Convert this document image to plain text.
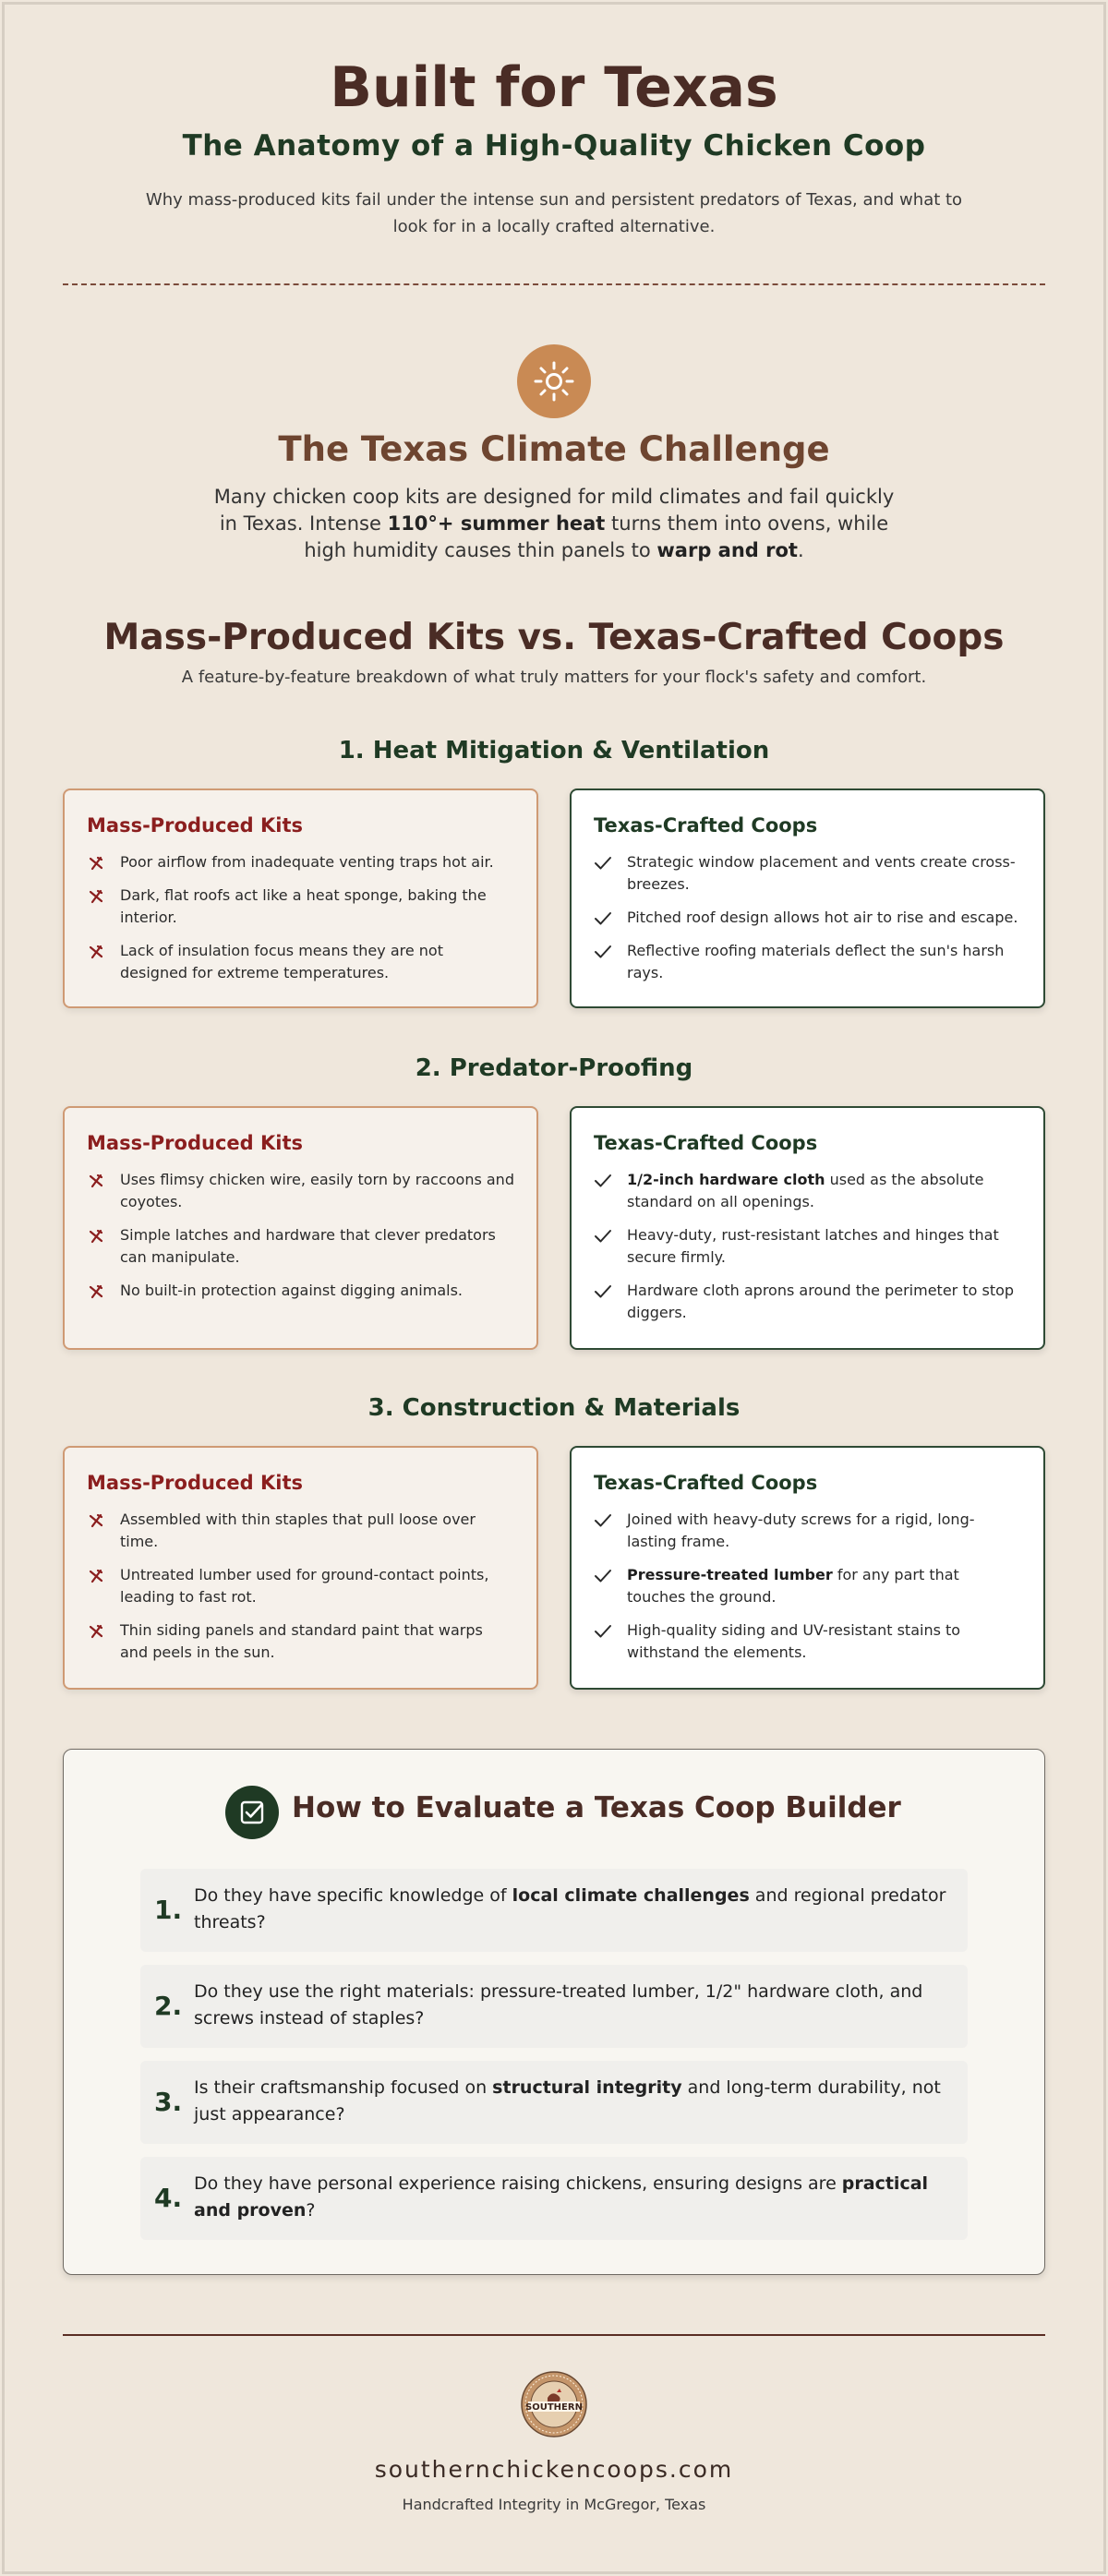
Built for Texas
The Anatomy of a High-Quality Chicken Coop

Why mass-produced kits fail under the intense sun and persistent predators of Texas, and what to look for in a locally crafted alternative.

The Texas Climate Challenge

Many chicken coop kits are designed for mild climates and fail quickly in Texas. Intense 110°+ summer heat turns them into ovens, while high humidity causes thin panels to warp and rot.

Mass-Produced Kits vs. Texas-Crafted Coops

A feature-by-feature breakdown of what truly matters for your flock's safety and comfort.

1. Heat Mitigation & Ventilation
Mass-Produced Kits
Poor airflow from inadequate venting traps hot air.
Dark, flat roofs act like a heat sponge, baking the interior.
Lack of insulation focus means they are not designed for extreme temperatures.
Texas-Crafted Coops
Strategic window placement and vents create cross-breezes.
Pitched roof design allows hot air to rise and escape.
Reflective roofing materials deflect the sun's harsh rays.
2. Predator-Proofing
Mass-Produced Kits
Uses flimsy chicken wire, easily torn by raccoons and coyotes.
Simple latches and hardware that clever predators can manipulate.
No built-in protection against digging animals.
Texas-Crafted Coops
1/2-inch hardware cloth used as the absolute standard on all openings.
Heavy-duty, rust-resistant latches and hinges that secure firmly.
Hardware cloth aprons around the perimeter to stop diggers.
3. Construction & Materials
Mass-Produced Kits
Assembled with thin staples that pull loose over time.
Untreated lumber used for ground-contact points, leading to fast rot.
Thin siding panels and standard paint that warps and peels in the sun.
Texas-Crafted Coops
Joined with heavy-duty screws for a rigid, long-lasting frame.
Pressure-treated lumber for any part that touches the ground.
High-quality siding and UV-resistant stains to withstand the elements.
How to Evaluate a Texas Coop Builder
1. Do they have specific knowledge of local climate challenges and regional predator threats?
2. Do they use the right materials: pressure-treated lumber, 1/2" hardware cloth, and screws instead of staples?
3. Is their craftsmanship focused on structural integrity and long-term durability, not just appearance?
4. Do they have personal experience raising chickens, ensuring designs are practical and proven?
SOUTHERN
southernchickencoops.com
Handcrafted Integrity in McGregor, Texas
